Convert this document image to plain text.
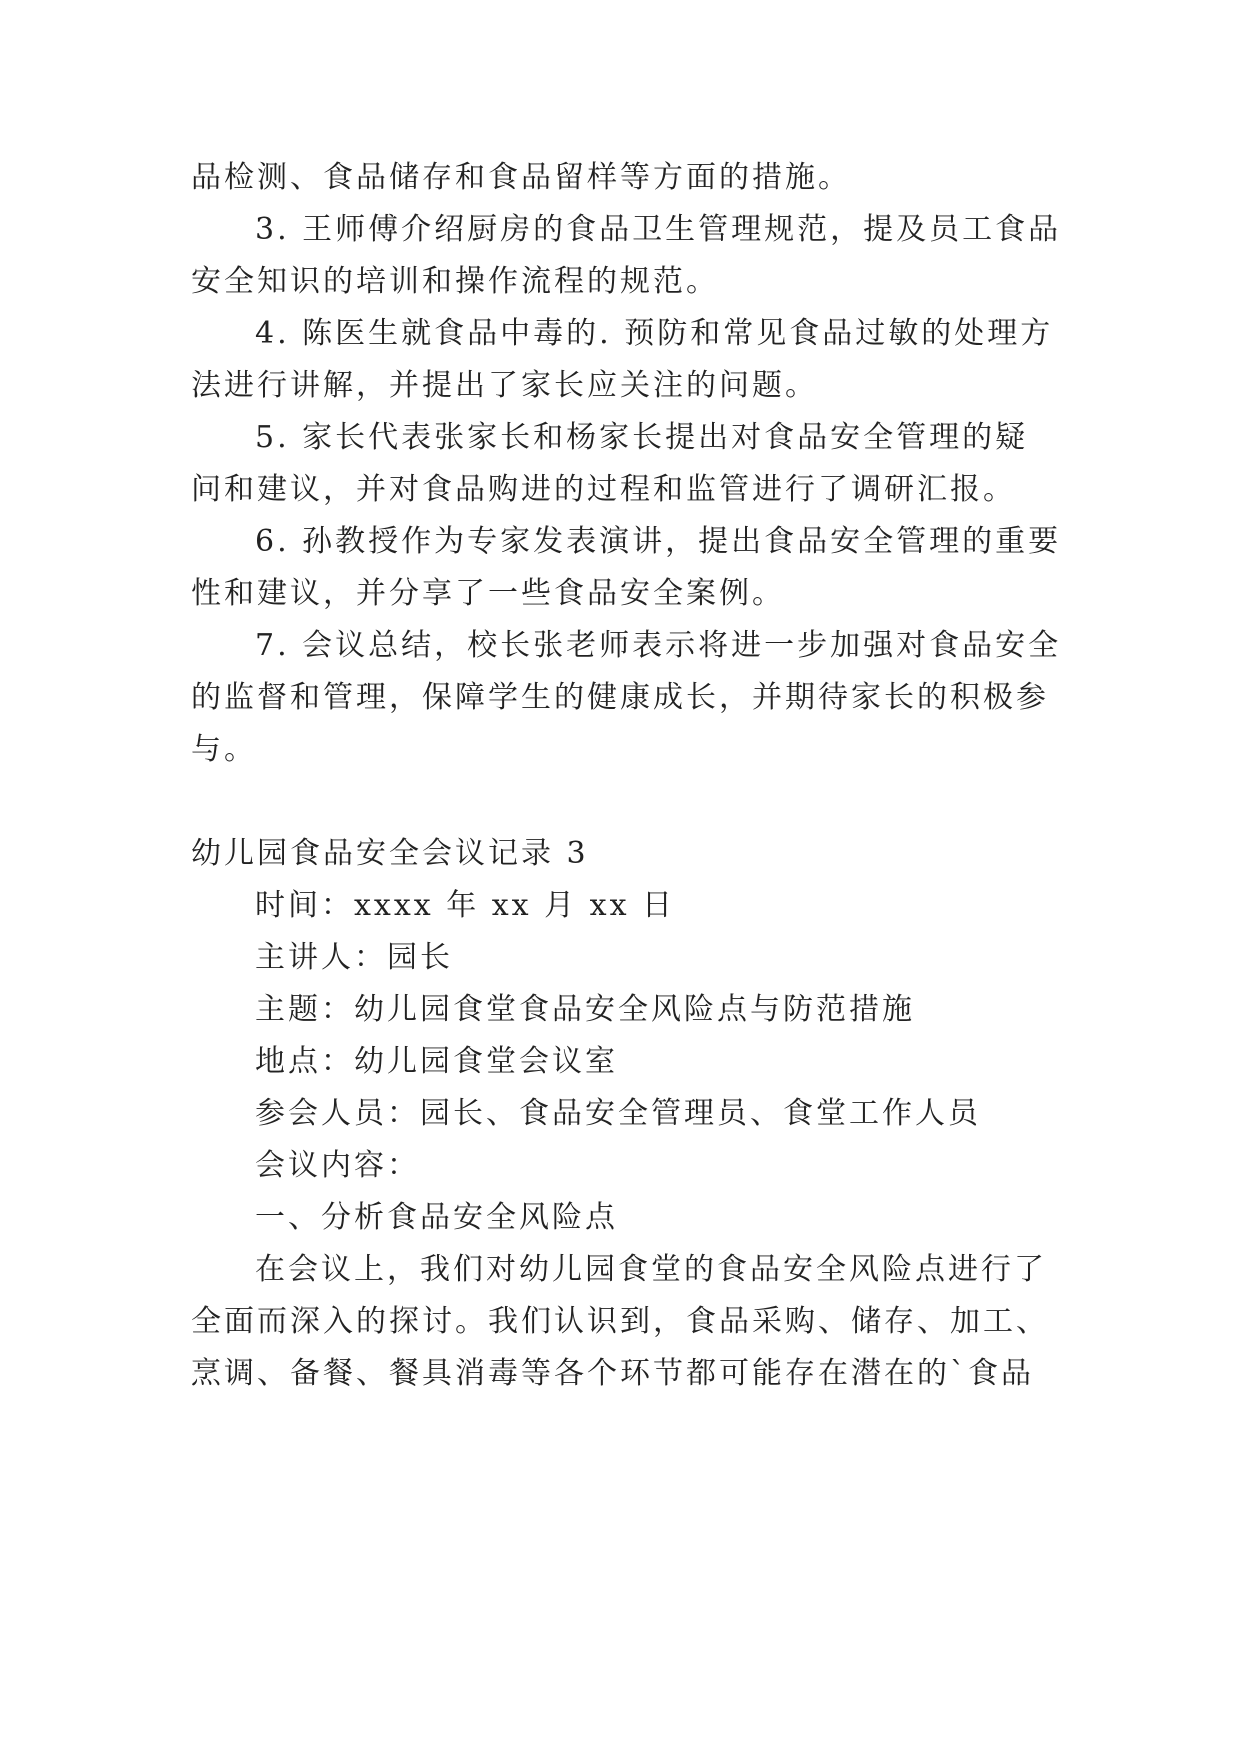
品检测、食品储存和食品留样等方面的措施。
3. 王师傅介绍厨房的食品卫生管理规范，提及员工食品
安全知识的培训和操作流程的规范。
4. 陈医生就食品中毒的. 预防和常见食品过敏的处理方
法进行讲解，并提出了家长应关注的问题。
5. 家长代表张家长和杨家长提出对食品安全管理的疑
问和建议，并对食品购进的过程和监管进行了调研汇报。
6. 孙教授作为专家发表演讲，提出食品安全管理的重要
性和建议，并分享了一些食品安全案例。
7. 会议总结，校长张老师表示将进一步加强对食品安全
的监督和管理，保障学生的健康成长，并期待家长的积极参
与。
幼儿园食品安全会议记录 3
时间：xxxx 年 xx 月 xx 日
主讲人：园长
主题：幼儿园食堂食品安全风险点与防范措施
地点：幼儿园食堂会议室
参会人员：园长、食品安全管理员、食堂工作人员
会议内容：
一、分析食品安全风险点
在会议上，我们对幼儿园食堂的食品安全风险点进行了
全面而深入的探讨。我们认识到，食品采购、储存、加工、
烹调、备餐、餐具消毒等各个环节都可能存在潜在的`食品
